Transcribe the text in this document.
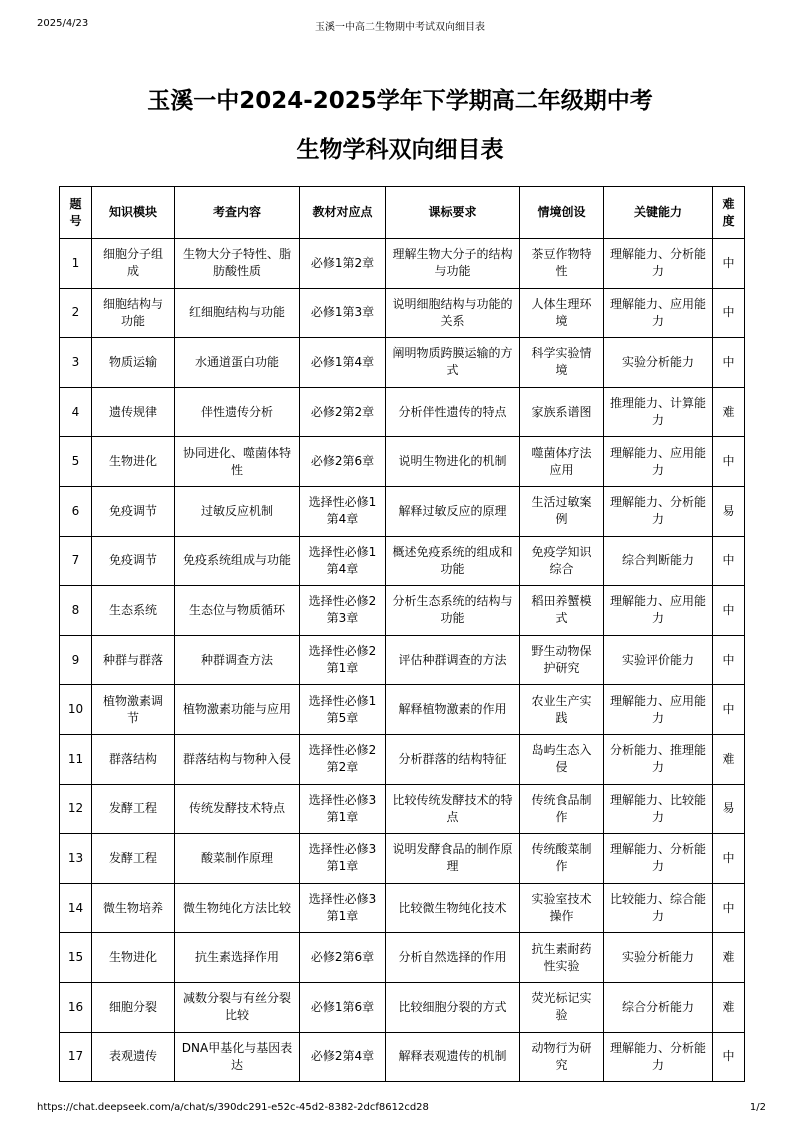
2025/4/23	玉溪一中高二生物期中考试双向细目表
玉溪一中2024-2025学年下学期高二年级期中考
生物学科双向细目表
题号	知识模块	考查内容	教材对应点	课标要求	情境创设	关键能力	难度
1	细胞分子组成	生物大分子特性、脂肪酸性质	必修1第2章	理解生物大分子的结构与功能	茶豆作物特性	理解能力、分析能力	中
2	细胞结构与功能	红细胞结构与功能	必修1第3章	说明细胞结构与功能的关系	人体生理环境	理解能力、应用能力	中
3	物质运输	水通道蛋白功能	必修1第4章	阐明物质跨膜运输的方式	科学实验情境	实验分析能力	中
4	遗传规律	伴性遗传分析	必修2第2章	分析伴性遗传的特点	家族系谱图	推理能力、计算能力	难
5	生物进化	协同进化、噬菌体特性	必修2第6章	说明生物进化的机制	噬菌体疗法应用	理解能力、应用能力	中
6	免疫调节	过敏反应机制	选择性必修1第4章	解释过敏反应的原理	生活过敏案例	理解能力、分析能力	易
7	免疫调节	免疫系统组成与功能	选择性必修1第4章	概述免疫系统的组成和功能	免疫学知识综合	综合判断能力	中
8	生态系统	生态位与物质循环	选择性必修2第3章	分析生态系统的结构与功能	稻田养蟹模式	理解能力、应用能力	中
9	种群与群落	种群调查方法	选择性必修2第1章	评估种群调查的方法	野生动物保护研究	实验评价能力	中
10	植物激素调节	植物激素功能与应用	选择性必修1第5章	解释植物激素的作用	农业生产实践	理解能力、应用能力	中
11	群落结构	群落结构与物种入侵	选择性必修2第2章	分析群落的结构特征	岛屿生态入侵	分析能力、推理能力	难
12	发酵工程	传统发酵技术特点	选择性必修3第1章	比较传统发酵技术的特点	传统食品制作	理解能力、比较能力	易
13	发酵工程	酸菜制作原理	选择性必修3第1章	说明发酵食品的制作原理	传统酸菜制作	理解能力、分析能力	中
14	微生物培养	微生物纯化方法比较	选择性必修3第1章	比较微生物纯化技术	实验室技术操作	比较能力、综合能力	中
15	生物进化	抗生素选择作用	必修2第6章	分析自然选择的作用	抗生素耐药性实验	实验分析能力	难
16	细胞分裂	减数分裂与有丝分裂比较	必修1第6章	比较细胞分裂的方式	荧光标记实验	综合分析能力	难
17	表观遗传	DNA甲基化与基因表达	必修2第4章	解释表观遗传的机制	动物行为研究	理解能力、分析能力	中
https://chat.deepseek.com/a/chat/s/390dc291-e52c-45d2-8382-2dcf8612cd28	1/2
